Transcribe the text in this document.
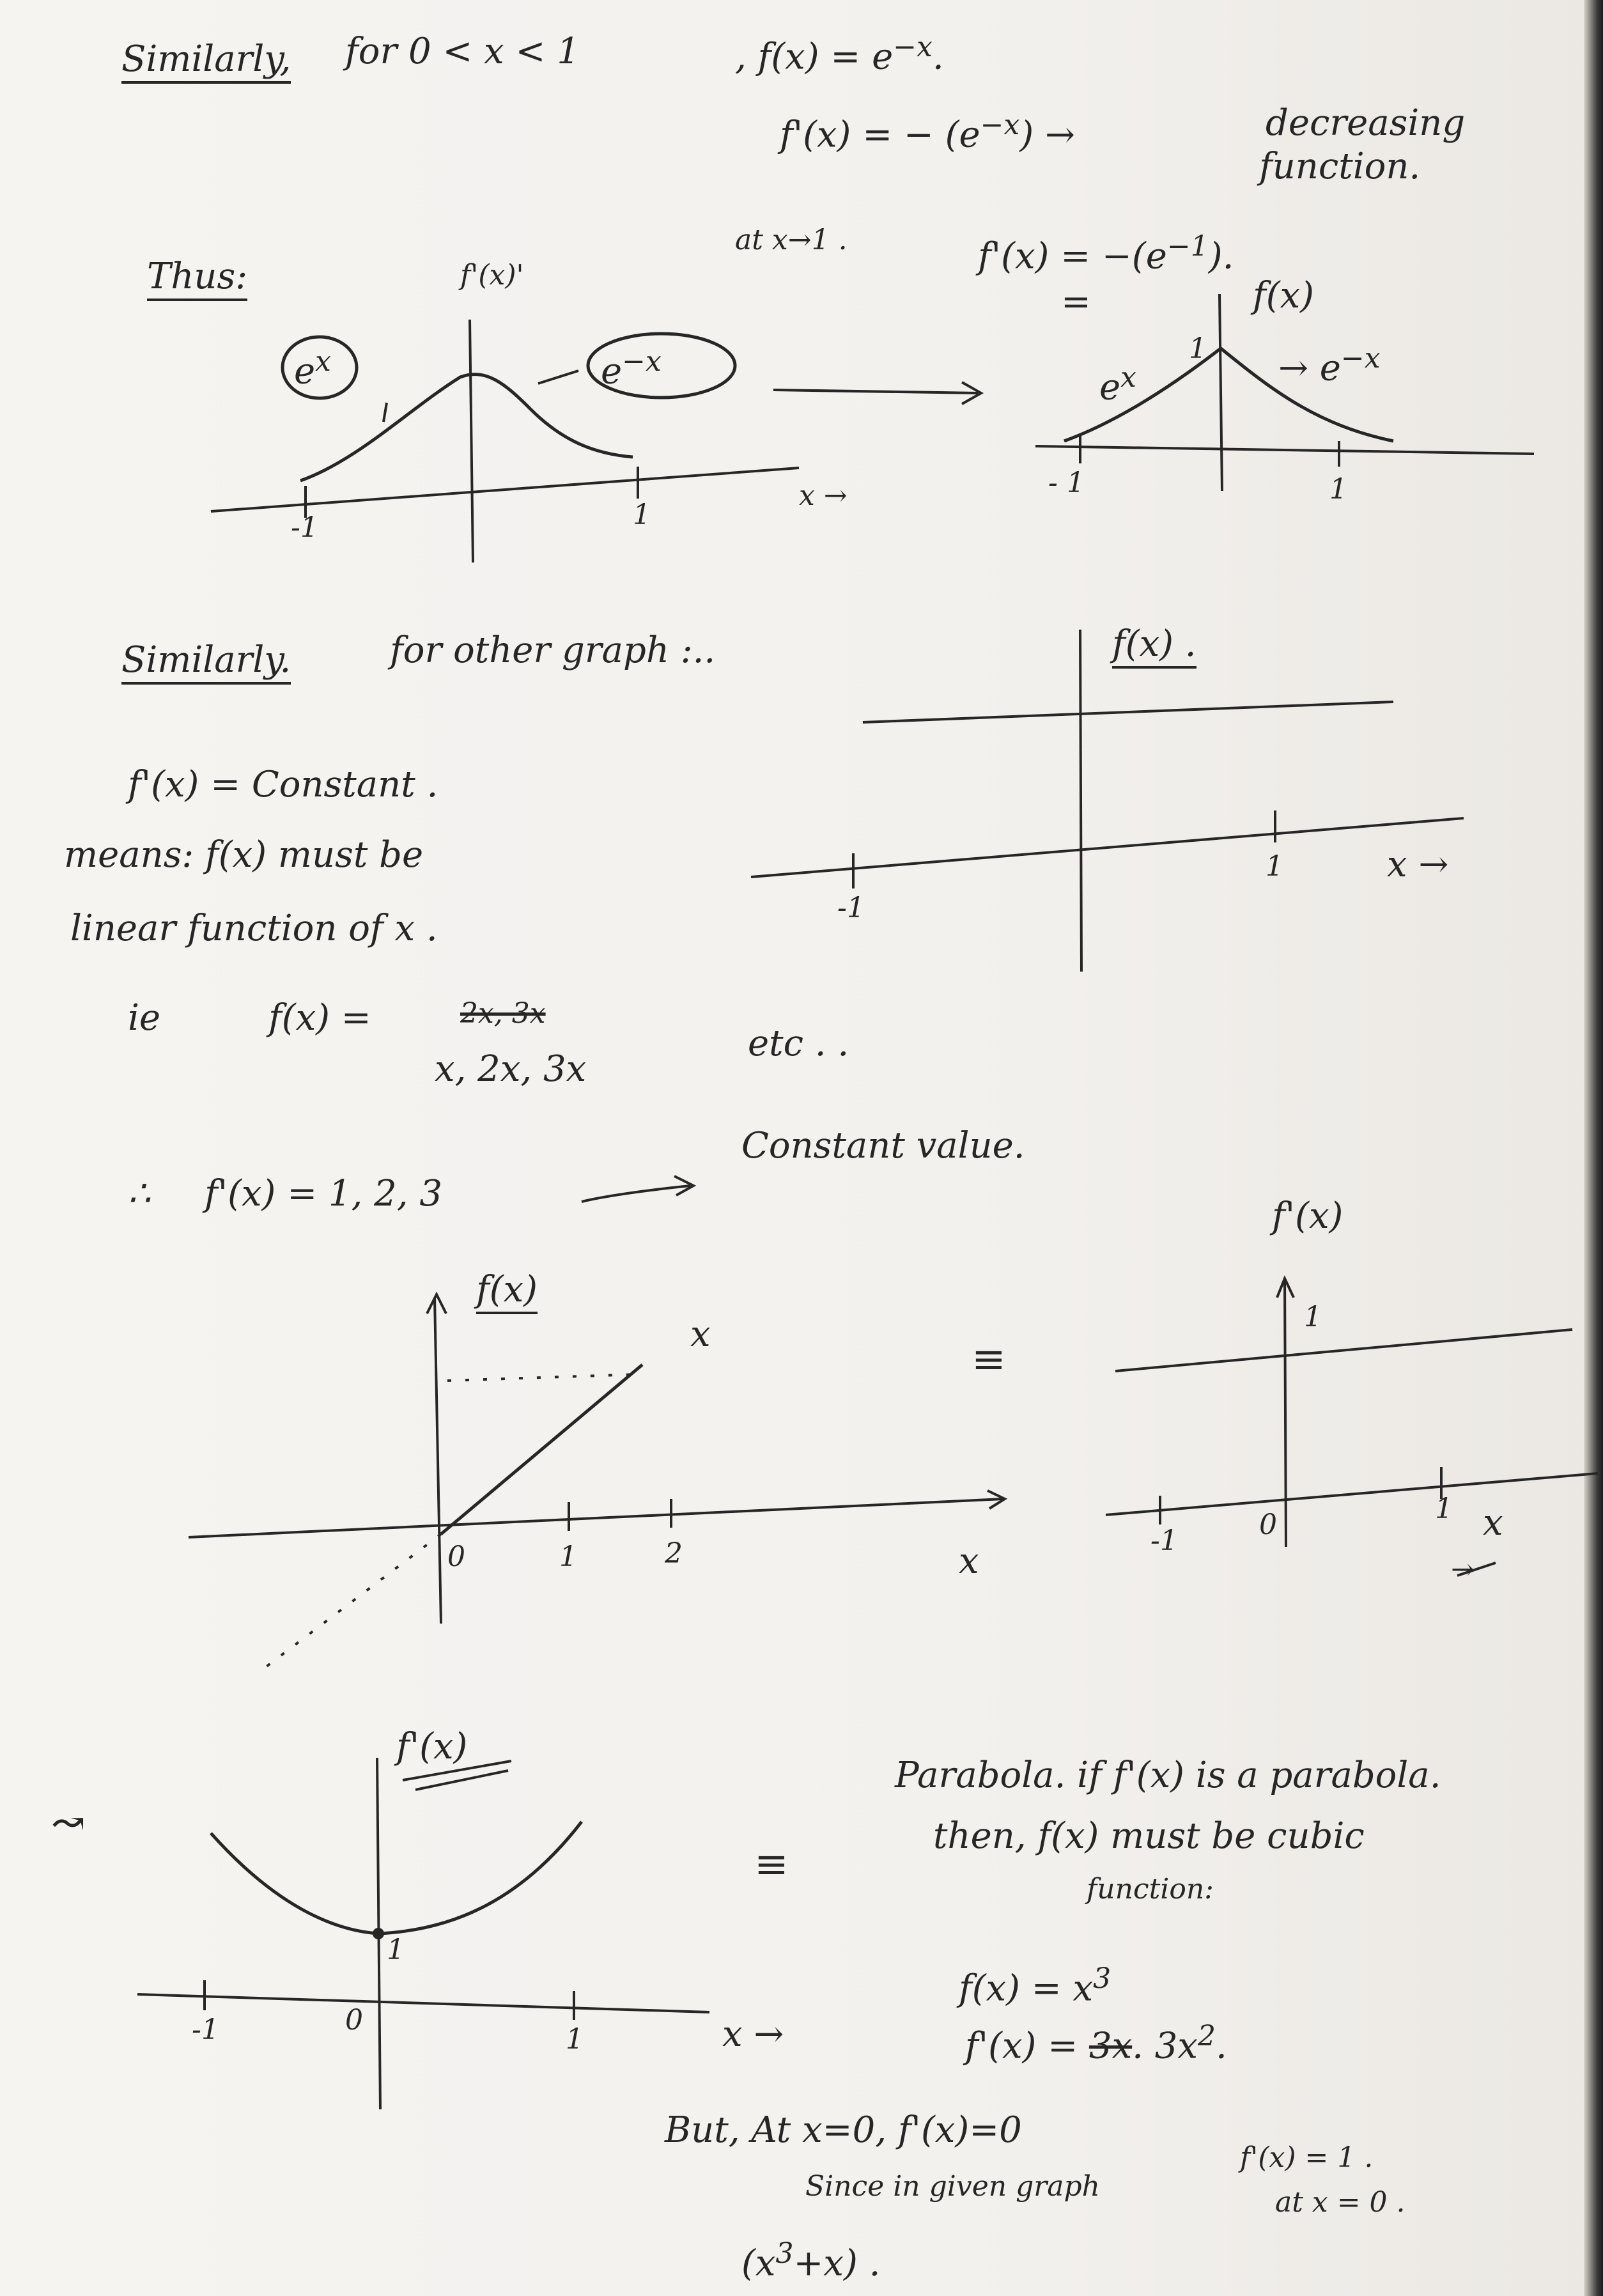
Similarly, for 0 < x < 1	, $f(x) = e^{-x}$.
f'(x) = − $(e^{-x})$ →	decreasing
function.
at x→1 .	$f'(x) = -(e^{-1})$.
Thus:	f'(x)'
$e^x$	$e^{-x}$
-1	1
x →
=	f(x)
$e^x$
$1 \to e^{-x}$
- 1	1
Similarly.	for other graph :..	f(x) .
-1
1	x →
f'(x) = Constant .
means: f(x) must be
linear function of x .
ie	f(x) =	2x, 3x
x, 2x, 3x
etc . .
∴ f'(x) = 1, 2, 3
Constant value.
f(x)
x
0	1	2	x
≡
f'(x)
1
-1	0	1 x
→
↝
f'(x)
1
-1	0
1	x →
≡
Parabola. if f'(x) is a parabola.
then, f(x) must be cubic
function:
$f(x) = x^3$
f'(x) = 3x. $3x^2$.
But, At x=0, f'(x)=0
Since in given graph
f'(x) = 1 .
at x = 0 .
$(x^3+x)$ .
